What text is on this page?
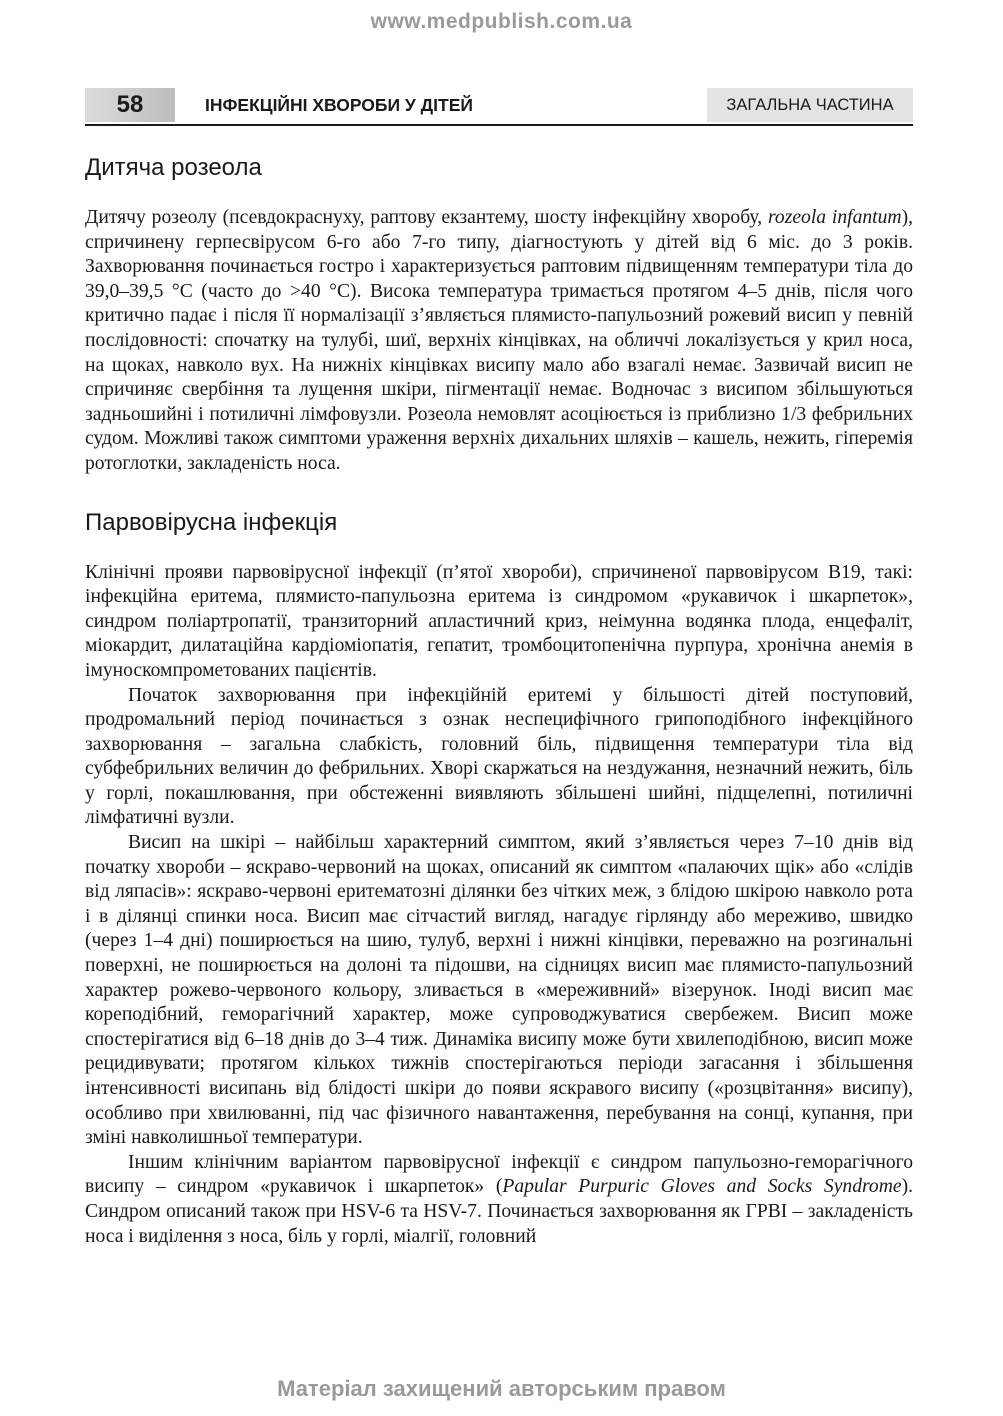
www.medpublish.com.ua
58	ІНФЕКЦІЙНІ ХВОРОБИ У ДІТЕЙ	ЗАГАЛЬНА ЧАСТИНА
Дитяча розеола

Дитячу розеолу (псевдокраснуху, раптову екзантему, шосту інфекційну хворобу, rozeola infantum), спричинену герпесвірусом 6-го або 7-го типу, діагностують у дітей від 6 міс. до 3 років. Захворювання починається гостро і характеризується раптовим підвищенням температури тіла до 39,0–39,5 °C (часто до >40 °C). Висока температура тримається протягом 4–5 днів, після чого критично падає і після її нормалізації з’являється плямисто-папульозний рожевий висип у певній послідовності: спочатку на тулубі, шиї, верхніх кінцівках, на обличчі локалізується у крил носа, на щоках, навколо вух. На нижніх кінцівках висипу мало або взагалі немає. Зазвичай висип не спричиняє свербіння та лущення шкіри, пігментації немає. Водночас з висипом збільшуються задньошийні і потиличні лімфовузли. Розеола немовлят асоціюється із приблизно 1/3 фебрильних судом. Можливі також симптоми ураження верхніх дихальних шляхів – кашель, нежить, гіперемія ротоглотки, закладеність носа.

Парвовірусна інфекція

Клінічні прояви парвовірусної інфекції (п’ятої хвороби), спричиненої парвовірусом В19, такі: інфекційна еритема, плямисто-папульозна еритема із синдромом «рукавичок і шкарпеток», синдром поліартропатії, транзиторний апластичний криз, неімунна водянка плода, енцефаліт, міокардит, дилатаційна кардіоміопатія, гепатит, тромбоцитопенічна пурпура, хронічна анемія в імуноскомпрометованих пацієнтів.

Початок захворювання при інфекційній еритемі у більшості дітей поступовий, продромальний період починається з ознак неспецифічного грипоподібного інфекційного захворювання – загальна слабкість, головний біль, підвищення температури тіла від субфебрильних величин до фебрильних. Хворі скаржаться на нездужання, незначний нежить, біль у горлі, покашлювання, при обстеженні виявляють збільшені шийні, підщелепні, потиличні лімфатичні вузли.

Висип на шкірі – найбільш характерний симптом, який з’являється через 7–10 днів від початку хвороби – яскраво-червоний на щоках, описаний як симптом «палаючих щік» або «слідів від ляпасів»: яскраво-червоні еритематозні ділянки без чітких меж, з блідою шкірою навколо рота і в ділянці спинки носа. Висип має сітчастий вигляд, нагадує гірлянду або мереживо, швидко (через 1–4 дні) поширюється на шию, тулуб, верхні і нижні кінцівки, переважно на розгинальні поверхні, не поширюється на долоні та підошви, на сідницях висип має плямисто-папульозний характер рожево-червоного кольору, зливається в «мереживний» візерунок. Іноді висип має кореподібний, геморагічний характер, може супроводжуватися свербежем. Висип може спостерігатися від 6–18 днів до 3–4 тиж. Динаміка висипу може бути хвилеподібною, висип може рецидивувати; протягом кількох тижнів спостерігаються періоди загасання і збільшення інтенсивності висипань від блідості шкіри до появи яскравого висипу («розцвітання» висипу), особливо при хвилюванні, під час фізичного навантаження, перебування на сонці, купання, при зміні навколишньої температури.

Іншим клінічним варіантом парвовірусної інфекції є синдром папульозно-геморагічного висипу – синдром «рукавичок і шкарпеток» (Papular Purpuric Gloves and Socks Syndrome). Синдром описаний також при HSV-6 та HSV-7. Починається захворювання як ГРВІ – закладеність носа і виділення з носа, біль у горлі, міалгії, головний

Матеріал захищений авторським правом
